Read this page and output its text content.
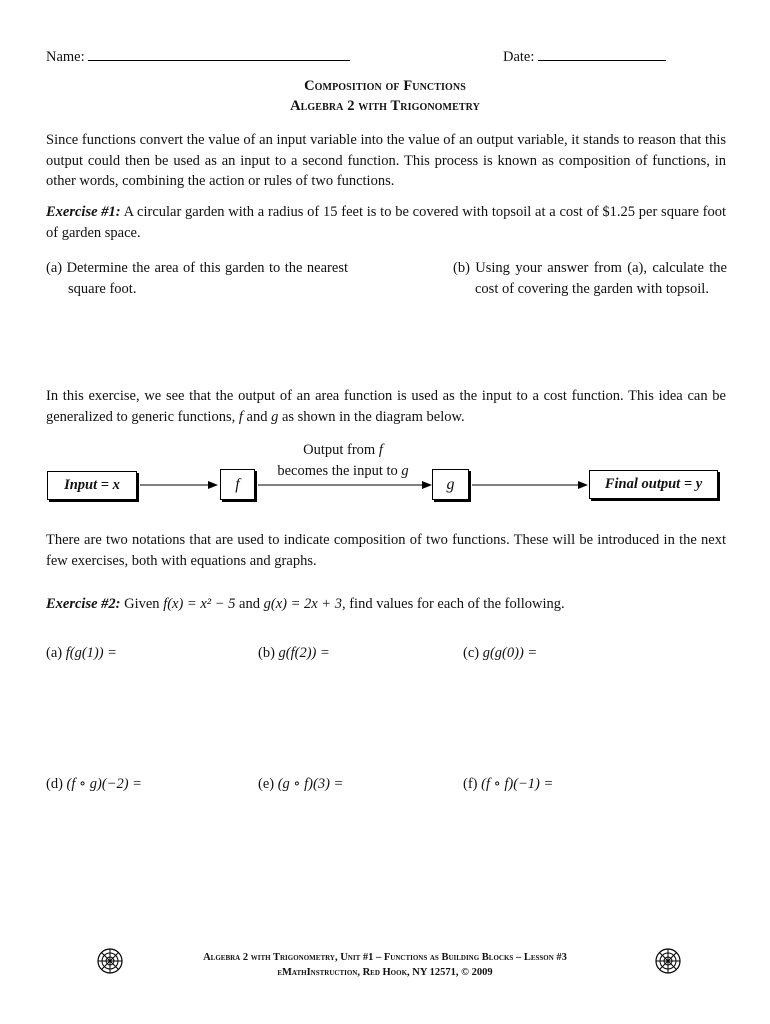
Name:	Date:
Composition of Functions
Algebra 2 with Trigonometry
Since functions convert the value of an input variable into the value of an output variable, it stands to reason that this output could then be used as an input to a second function. This process is known as composition of functions, in other words, combining the action or rules of two functions.
Exercise #1: A circular garden with a radius of 15 feet is to be covered with topsoil at a cost of $1.25 per square foot of garden space.
(a) Determine the area of this garden to the nearest square foot.
(b) Using your answer from (a), calculate the cost of covering the garden with topsoil.
In this exercise, we see that the output of an area function is used as the input to a cost function. This idea can be generalized to generic functions, f and g as shown in the diagram below.
Input = x	f
Output from f
becomes the input to g
g	Final output = y
There are two notations that are used to indicate composition of two functions. These will be introduced in the next few exercises, both with equations and graphs.
Exercise #2: Given f(x) = x² − 5 and g(x) = 2x + 3, find values for each of the following.
(a) f(g(1)) =	(b) g(f(2)) =	(c) g(g(0)) =
(d) (f ∘ g)(−2) =	(e) (g ∘ f)(3) =	(f) (f ∘ f)(−1) =
Algebra 2 with Trigonometry, Unit #1 – Functions as Building Blocks – Lesson #3
eMathInstruction, Red Hook, NY 12571, © 2009
